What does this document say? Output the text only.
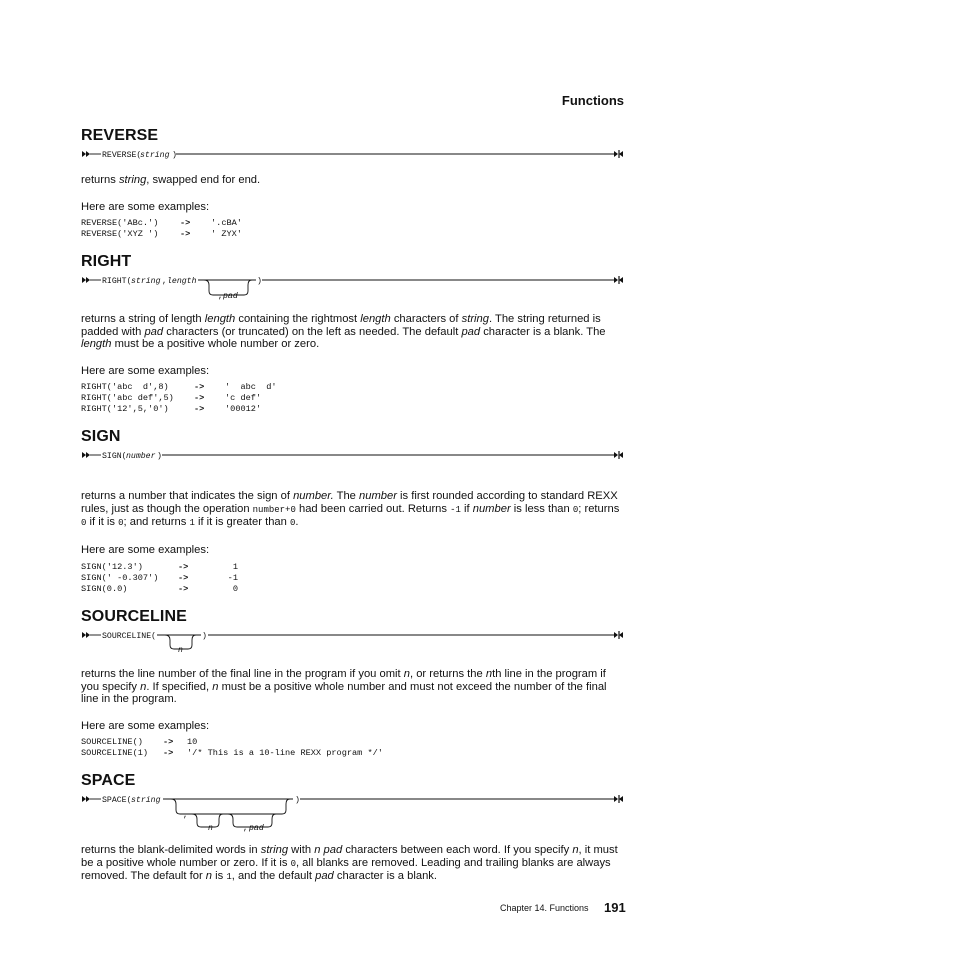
Functions
REVERSE(
string )
RIGHT( string , length
, pad
)
SIGN( number )
SOURCELINE(
n
)
SPACE( string
,
n	, pad
)
REVERSE
returns string, swapped end for end.
Here are some examples:
REVERSE('ABc.')	->	'.cBA'
REVERSE('XYZ ')	->	' ZYX'
RIGHT
returns a string of length length containing the rightmost length characters of string. The string returned is padded with pad characters (or truncated) on the left as needed. The default pad character is a blank. The length must be a positive whole number or zero.
Here are some examples:
RIGHT('abc  d',8)	->	'  abc  d'
RIGHT('abc def',5)	->	'c def'
RIGHT('12',5,'0')	->	'00012'
SIGN
returns a number that indicates the sign of number. The number is first rounded according to standard REXX rules, just as though the operation number+0 had been carried out. Returns -1 if number is less than 0; returns 0 if it is 0; and returns 1 if it is greater than 0.
Here are some examples:
SIGN('12.3')	->	1
SIGN(' -0.307')	->	-1
SIGN(0.0)	->	0
SOURCELINE
returns the line number of the final line in the program if you omit n, or returns the nth line in the program if you specify n. If specified, n must be a positive whole number and must not exceed the number of the final line in the program.
Here are some examples:
SOURCELINE()	->	10
SOURCELINE(1)	->	'/* This is a 10-line REXX program */'
SPACE
returns the blank-delimited words in string with n pad characters between each word. If you specify n, it must be a positive whole number or zero. If it is 0, all blanks are removed. Leading and trailing blanks are always removed. The default for n is 1, and the default pad character is a blank.
Chapter 14. Functions 191
